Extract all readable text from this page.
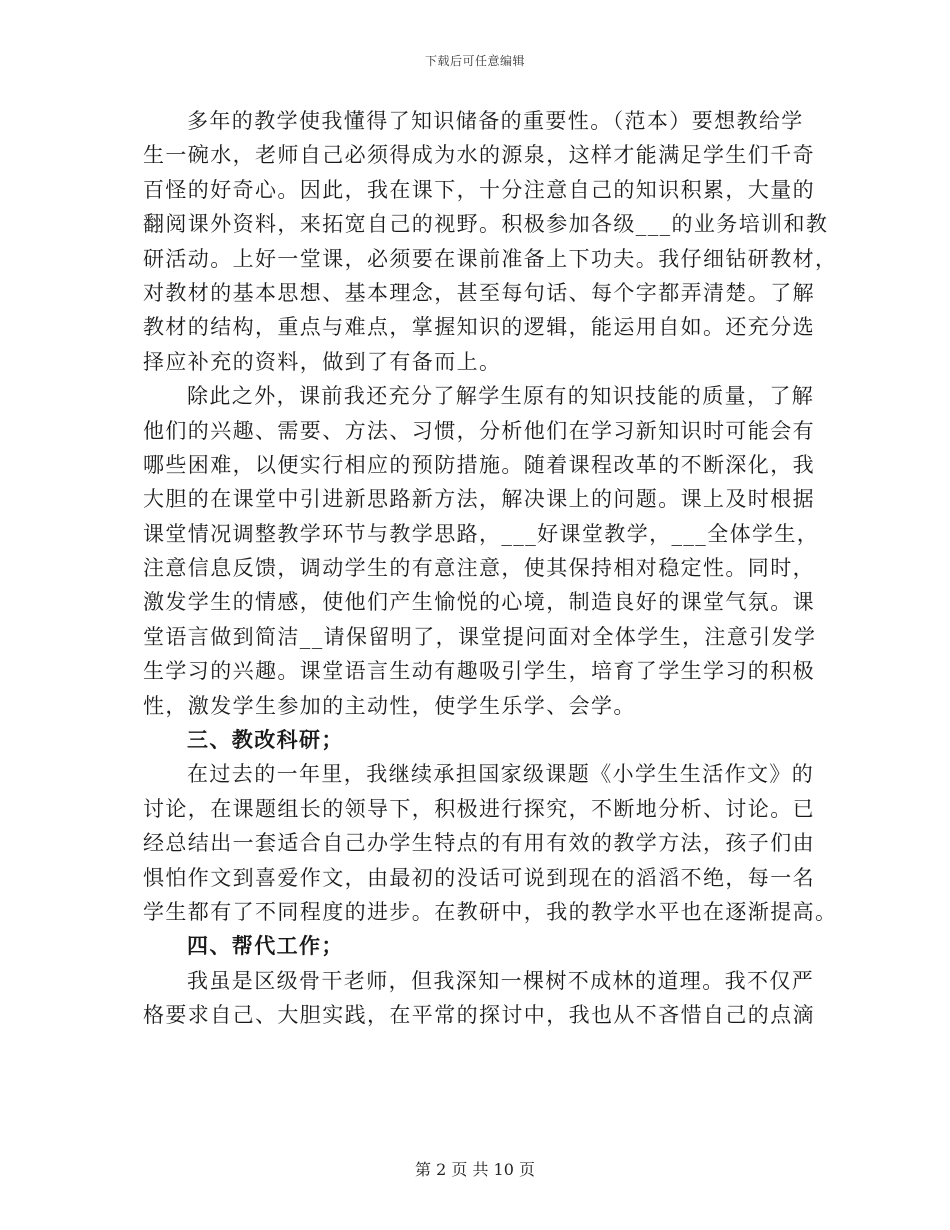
下载后可任意编辑
多年的教学使我懂得了知识储备的重要性。（范本）要想教给学
生一碗水，老师自己必须得成为水的源泉，这样才能满足学生们千奇
百怪的好奇心。因此，我在课下，十分注意自己的知识积累，大量的
翻阅课外资料，来拓宽自己的视野。积极参加各级___的业务培训和教
研活动。上好一堂课，必须要在课前准备上下功夫。我仔细钻研教材，
对教材的基本思想、基本理念，甚至每句话、每个字都弄清楚。了解
教材的结构，重点与难点，掌握知识的逻辑，能运用自如。还充分选
择应补充的资料，做到了有备而上。
除此之外，课前我还充分了解学生原有的知识技能的质量，了解
他们的兴趣、需要、方法、习惯，分析他们在学习新知识时可能会有
哪些困难，以便实行相应的预防措施。随着课程改革的不断深化，我
大胆的在课堂中引进新思路新方法，解决课上的问题。课上及时根据
课堂情况调整教学环节与教学思路，___好课堂教学，___全体学生，
注意信息反馈，调动学生的有意注意，使其保持相对稳定性。同时，
激发学生的情感，使他们产生愉悦的心境，制造良好的课堂气氛。课
堂语言做到简洁__请保留明了，课堂提问面对全体学生，注意引发学
生学习的兴趣。课堂语言生动有趣吸引学生，培育了学生学习的积极
性，激发学生参加的主动性，使学生乐学、会学。
三、教改科研；
在过去的一年里，我继续承担国家级课题《小学生生活作文》的
讨论，在课题组长的领导下，积极进行探究，不断地分析、讨论。已
经总结出一套适合自己办学生特点的有用有效的教学方法，孩子们由
惧怕作文到喜爱作文，由最初的没话可说到现在的滔滔不绝，每一名
学生都有了不同程度的进步。在教研中，我的教学水平也在逐渐提高。
四、帮代工作；
我虽是区级骨干老师，但我深知一棵树不成林的道理。我不仅严
格要求自己、大胆实践，在平常的探讨中，我也从不吝惜自己的点滴
第 2 页 共 10 页
